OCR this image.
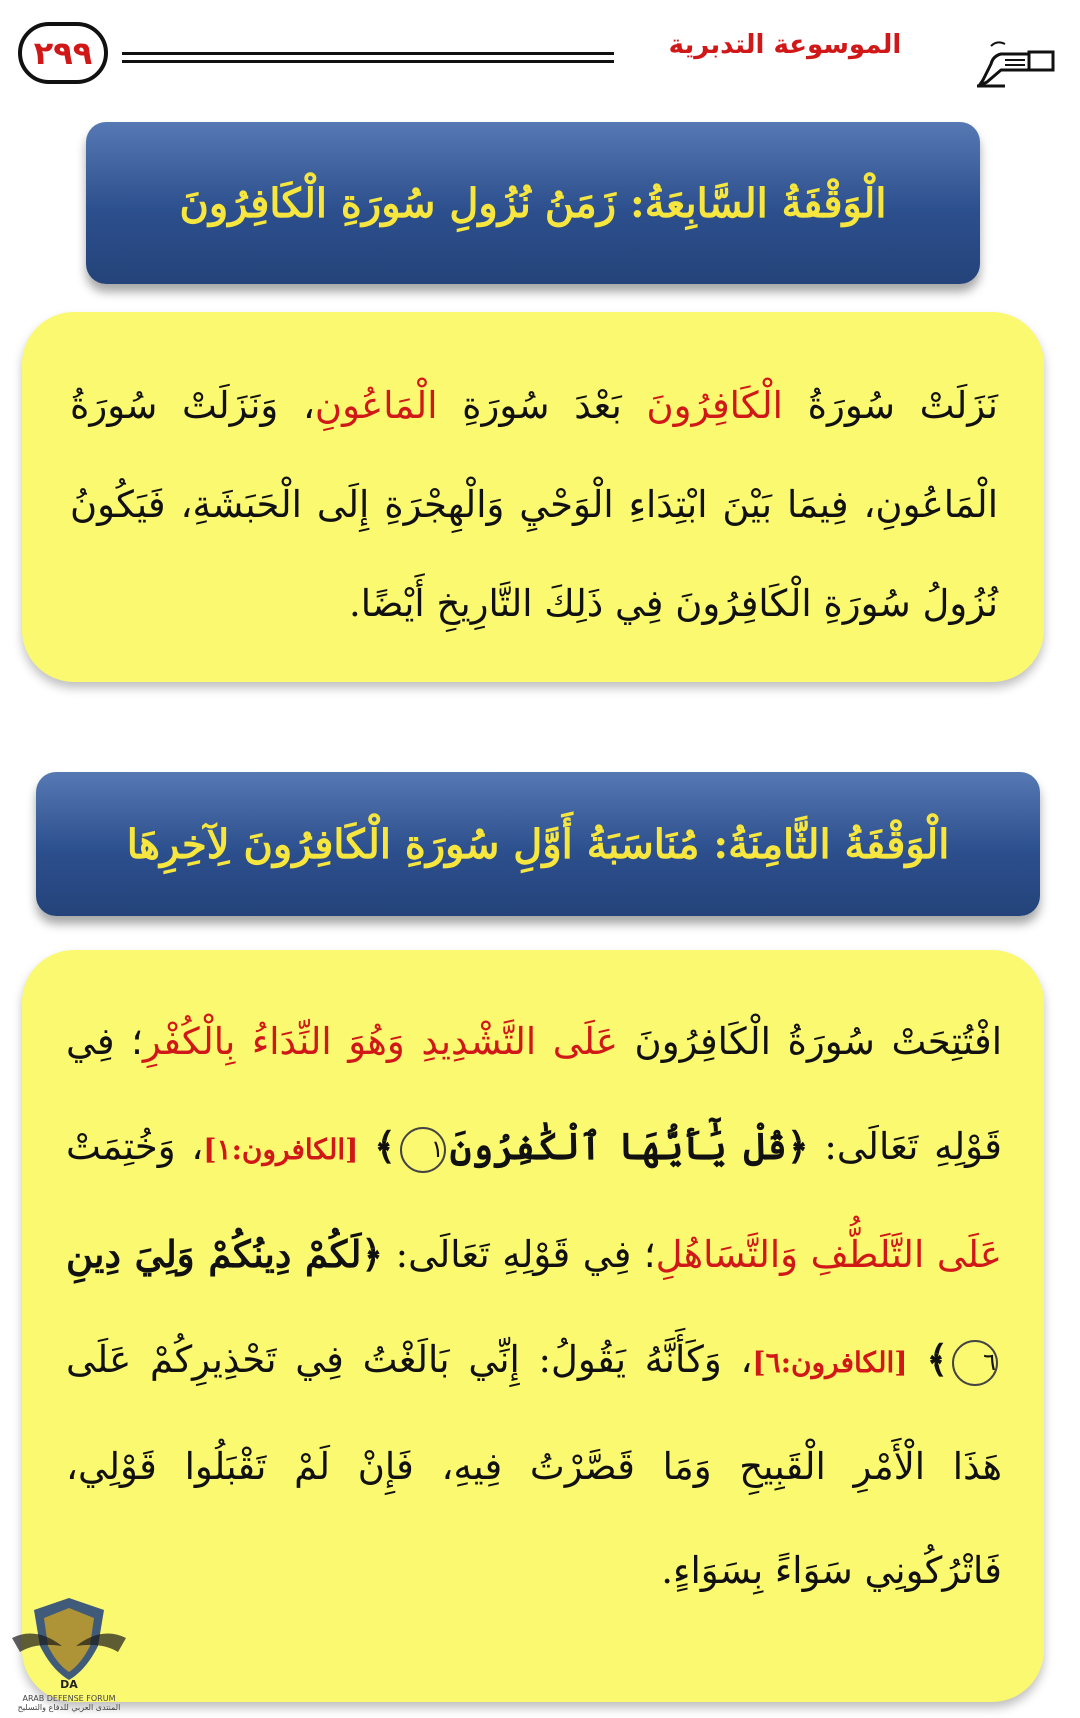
٢٩٩	الموسوعة التدبرية
الْوَقْفَةُ السَّابِعَةُ: زَمَنُ نُزُولِ سُورَةِ الْكَافِرُونَ
نَزَلَتْ سُورَةُ الْكَافِرُونَ بَعْدَ سُورَةِ الْمَاعُونِ، وَنَزَلَتْ سُورَةُ الْمَاعُونِ، فِيمَا بَيْنَ ابْتِدَاءِ الْوَحْيِ وَالْهِجْرَةِ إِلَى الْحَبَشَةِ، فَيَكُونُ نُزُولُ سُورَةِ الْكَافِرُونَ فِي ذَلِكَ التَّارِيخِ أَيْضًا.
الْوَقْفَةُ الثَّامِنَةُ: مُنَاسَبَةُ أَوَّلِ سُورَةِ الْكَافِرُونَ لِآخِرِهَا
افْتُتِحَتْ سُورَةُ الْكَافِرُونَ عَلَى التَّشْدِيدِ وَهُوَ النِّدَاءُ بِالْكُفْرِ؛ فِي قَوْلِهِ تَعَالَى: ﴿قُلْ يَٰٓأَيُّهَا ٱلْكَٰفِرُونَ١﴾ [الكافرون:١]، وَخُتِمَتْ عَلَى التَّلَطُّفِ وَالتَّسَاهُلِ؛ فِي قَوْلِهِ تَعَالَى: ﴿لَكُمْ دِينُكُمْ وَلِيَ دِينِ٦﴾ [الكافرون:٦]، وَكَأَنَّهُ يَقُولُ: إِنِّي بَالَغْتُ فِي تَحْذِيرِكُمْ عَلَى هَذَا الْأَمْرِ الْقَبِيحِ وَمَا قَصَّرْتُ فِيهِ، فَإِنْ لَمْ تَقْبَلُوا قَوْلِي، فَاتْرُكُونِي سَوَاءً بِسَوَاءٍ.
DA
ARAB DEFENSE FORUM
المنتدى العربي للدفاع والتسليح
